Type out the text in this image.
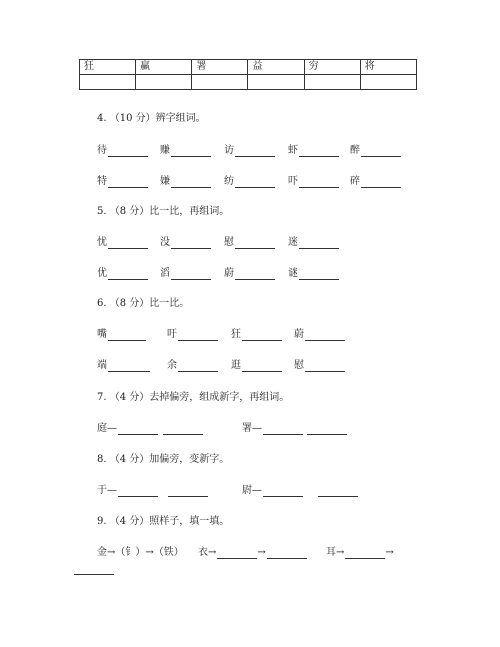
狂	赢	署	益	穷	将

4. （10 分）辨字组词。
待	赚	访	虾	醉
特	嫌	纺	吓	碎
5. （8 分）比一比，再组词。
忧	没	慰	迷
优	滔	蔚	谜
6. （8 分）比一比。
嘴	吁	狂	蔚
端	余	逛	慰
7. （4 分）去掉偏旁，组成新字，再组词。
庭—	署—
8. （4 分）加偏旁，变新字。
于—	尉—
9. （4 分）照样子，填一填。
金→（钅）→（铁） 衣→	→	耳→	→
